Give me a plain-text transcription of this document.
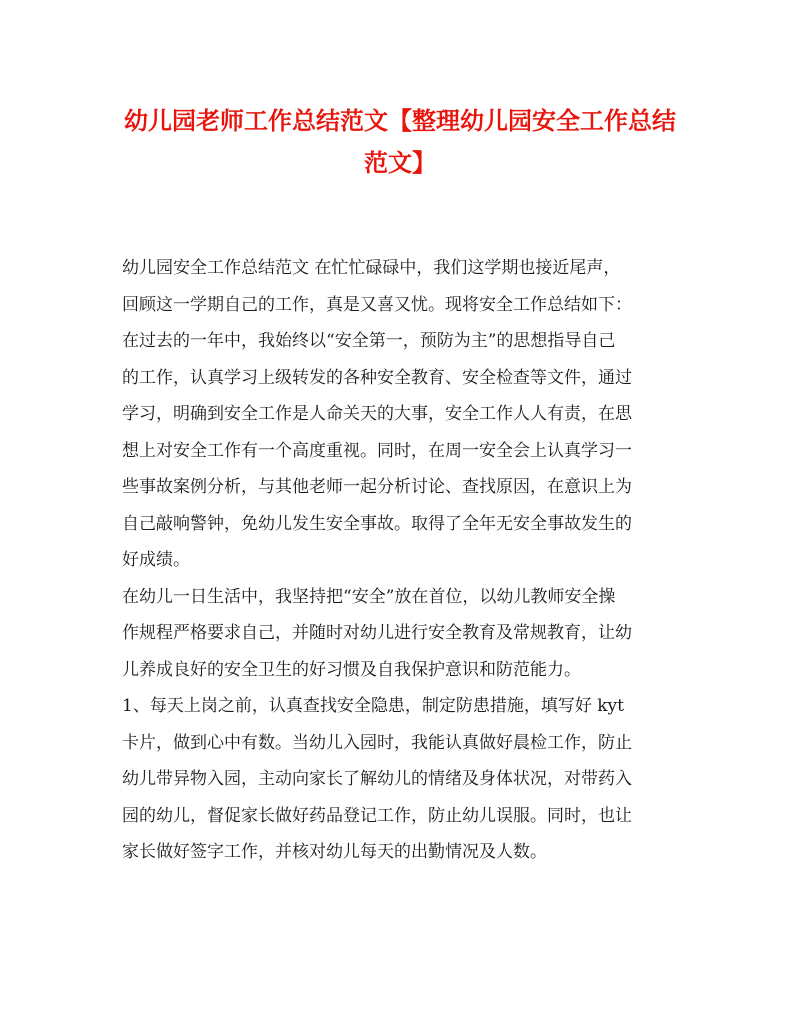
幼儿园老师工作总结范文【整理幼儿园安全工作总结
范文】
幼儿园安全工作总结范文 在忙忙碌碌中，我们这学期也接近尾声，
回顾这一学期自己的工作，真是又喜又忧。现将安全工作总结如下：
在过去的一年中，我始终以“安全第一，预防为主”的思想指导自己
的工作，认真学习上级转发的各种安全教育、安全检查等文件，通过
学习，明确到安全工作是人命关天的大事，安全工作人人有责，在思
想上对安全工作有一个高度重视。同时，在周一安全会上认真学习一
些事故案例分析，与其他老师一起分析讨论、查找原因，在意识上为
自己敲响警钟，免幼儿发生安全事故。取得了全年无安全事故发生的
好成绩。
在幼儿一日生活中，我坚持把“安全”放在首位，以幼儿教师安全操
作规程严格要求自己，并随时对幼儿进行安全教育及常规教育，让幼
儿养成良好的安全卫生的好习惯及自我保护意识和防范能力。
1、每天上岗之前，认真查找安全隐患，制定防患措施，填写好 kyt
卡片，做到心中有数。当幼儿入园时，我能认真做好晨检工作，防止
幼儿带异物入园，主动向家长了解幼儿的情绪及身体状况，对带药入
园的幼儿，督促家长做好药品登记工作，防止幼儿误服。同时，也让
家长做好签字工作，并核对幼儿每天的出勤情况及人数。
